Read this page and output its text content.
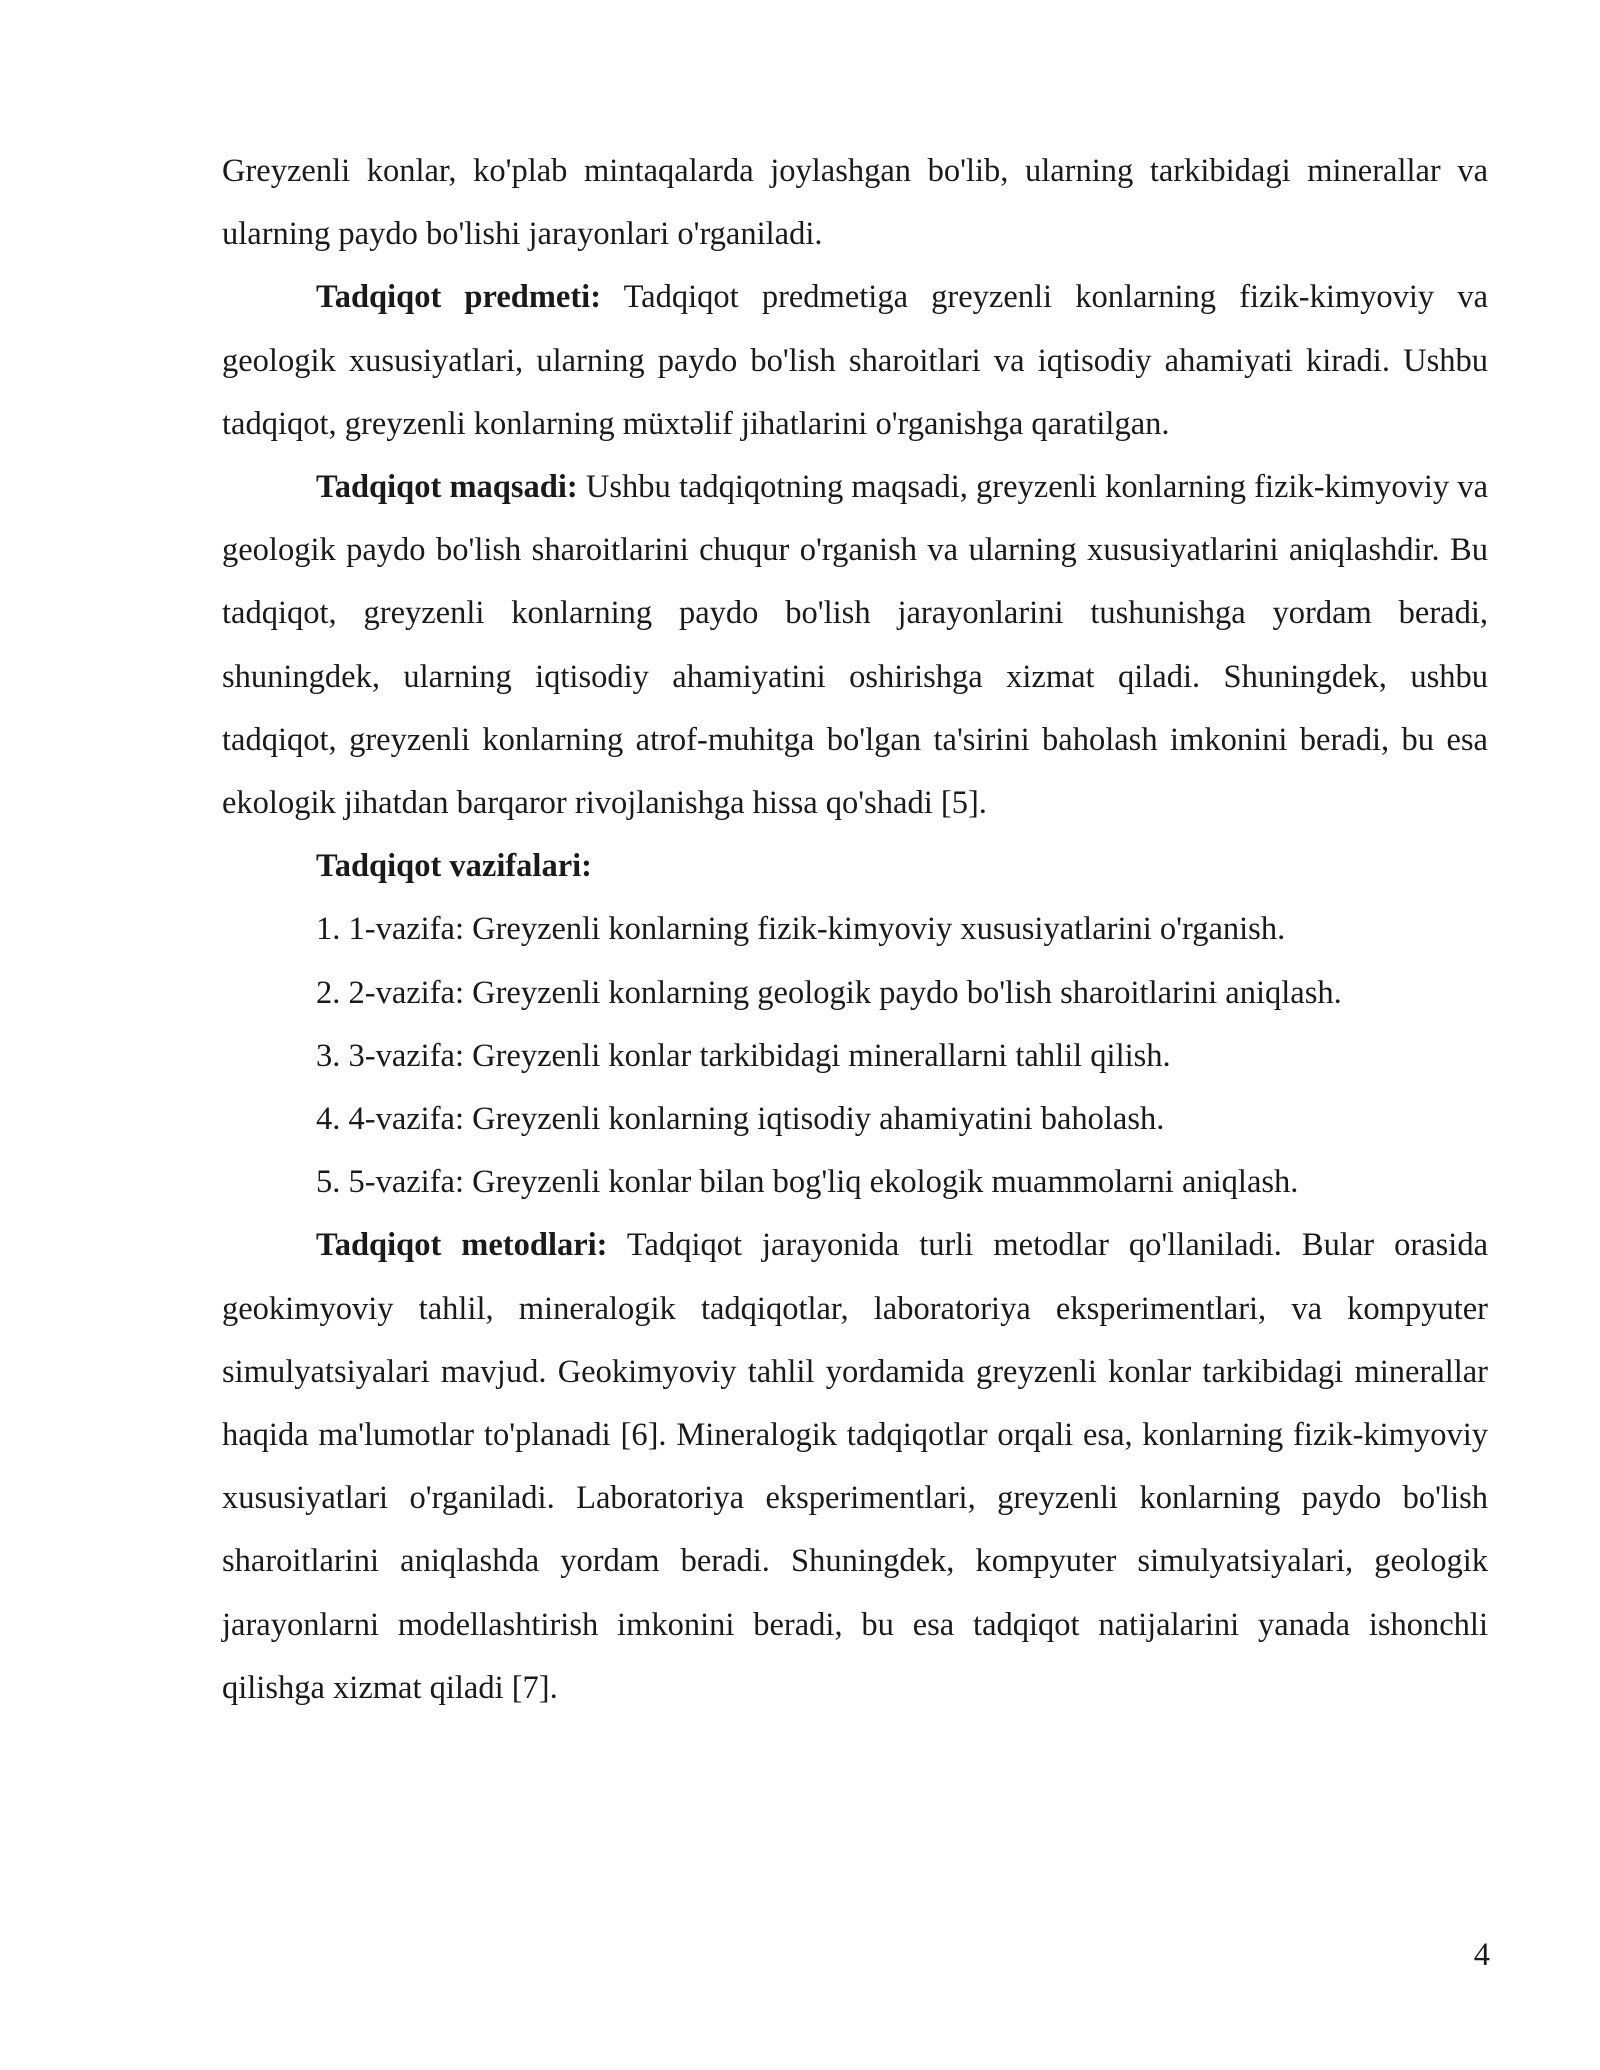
Greyzenli konlar, ko'plab mintaqalarda joylashgan bo'lib, ularning tarkibidagi minerallar va ularning paydo bo'lishi jarayonlari o'rganiladi.

Tadqiqot predmeti: Tadqiqot predmetiga greyzenli konlarning fizik-kimyoviy va geologik xususiyatlari, ularning paydo bo'lish sharoitlari va iqtisodiy ahamiyati kiradi. Ushbu tadqiqot, greyzenli konlarning müxtəlif jihatlarini o'rganishga qaratilgan.

Tadqiqot maqsadi: Ushbu tadqiqotning maqsadi, greyzenli konlarning fizik-kimyoviy va geologik paydo bo'lish sharoitlarini chuqur o'rganish va ularning xususiyatlarini aniqlashdir. Bu tadqiqot, greyzenli konlarning paydo bo'lish jarayonlarini tushunishga yordam beradi, shuningdek, ularning iqtisodiy ahamiyatini oshirishga xizmat qiladi. Shuningdek, ushbu tadqiqot, greyzenli konlarning atrof-muhitga bo'lgan ta'sirini baholash imkonini beradi, bu esa ekologik jihatdan barqaror rivojlanishga hissa qo'shadi [5].

Tadqiqot vazifalari:

1. 1-vazifa: Greyzenli konlarning fizik-kimyoviy xususiyatlarini o'rganish.
2. 2-vazifa: Greyzenli konlarning geologik paydo bo'lish sharoitlarini aniqlash.
3. 3-vazifa: Greyzenli konlar tarkibidagi minerallarni tahlil qilish.
4. 4-vazifa: Greyzenli konlarning iqtisodiy ahamiyatini baholash.
5. 5-vazifa: Greyzenli konlar bilan bog'liq ekologik muammolarni aniqlash.

Tadqiqot metodlari: Tadqiqot jarayonida turli metodlar qo'llaniladi. Bular orasida geokimyoviy tahlil, mineralogik tadqiqotlar, laboratoriya eksperimentlari, va kompyuter simulyatsiyalari mavjud. Geokimyoviy tahlil yordamida greyzenli konlar tarkibidagi minerallar haqida ma'lumotlar to'planadi [6]. Mineralogik tadqiqotlar orqali esa, konlarning fizik-kimyoviy xususiyatlari o'rganiladi. Laboratoriya eksperimentlari, greyzenli konlarning paydo bo'lish sharoitlarini aniqlashda yordam beradi. Shuningdek, kompyuter simulyatsiyalari, geologik jarayonlarni modellashtirish imkonini beradi, bu esa tadqiqot natijalarini yanada ishonchli qilishga xizmat qiladi [7].

4
